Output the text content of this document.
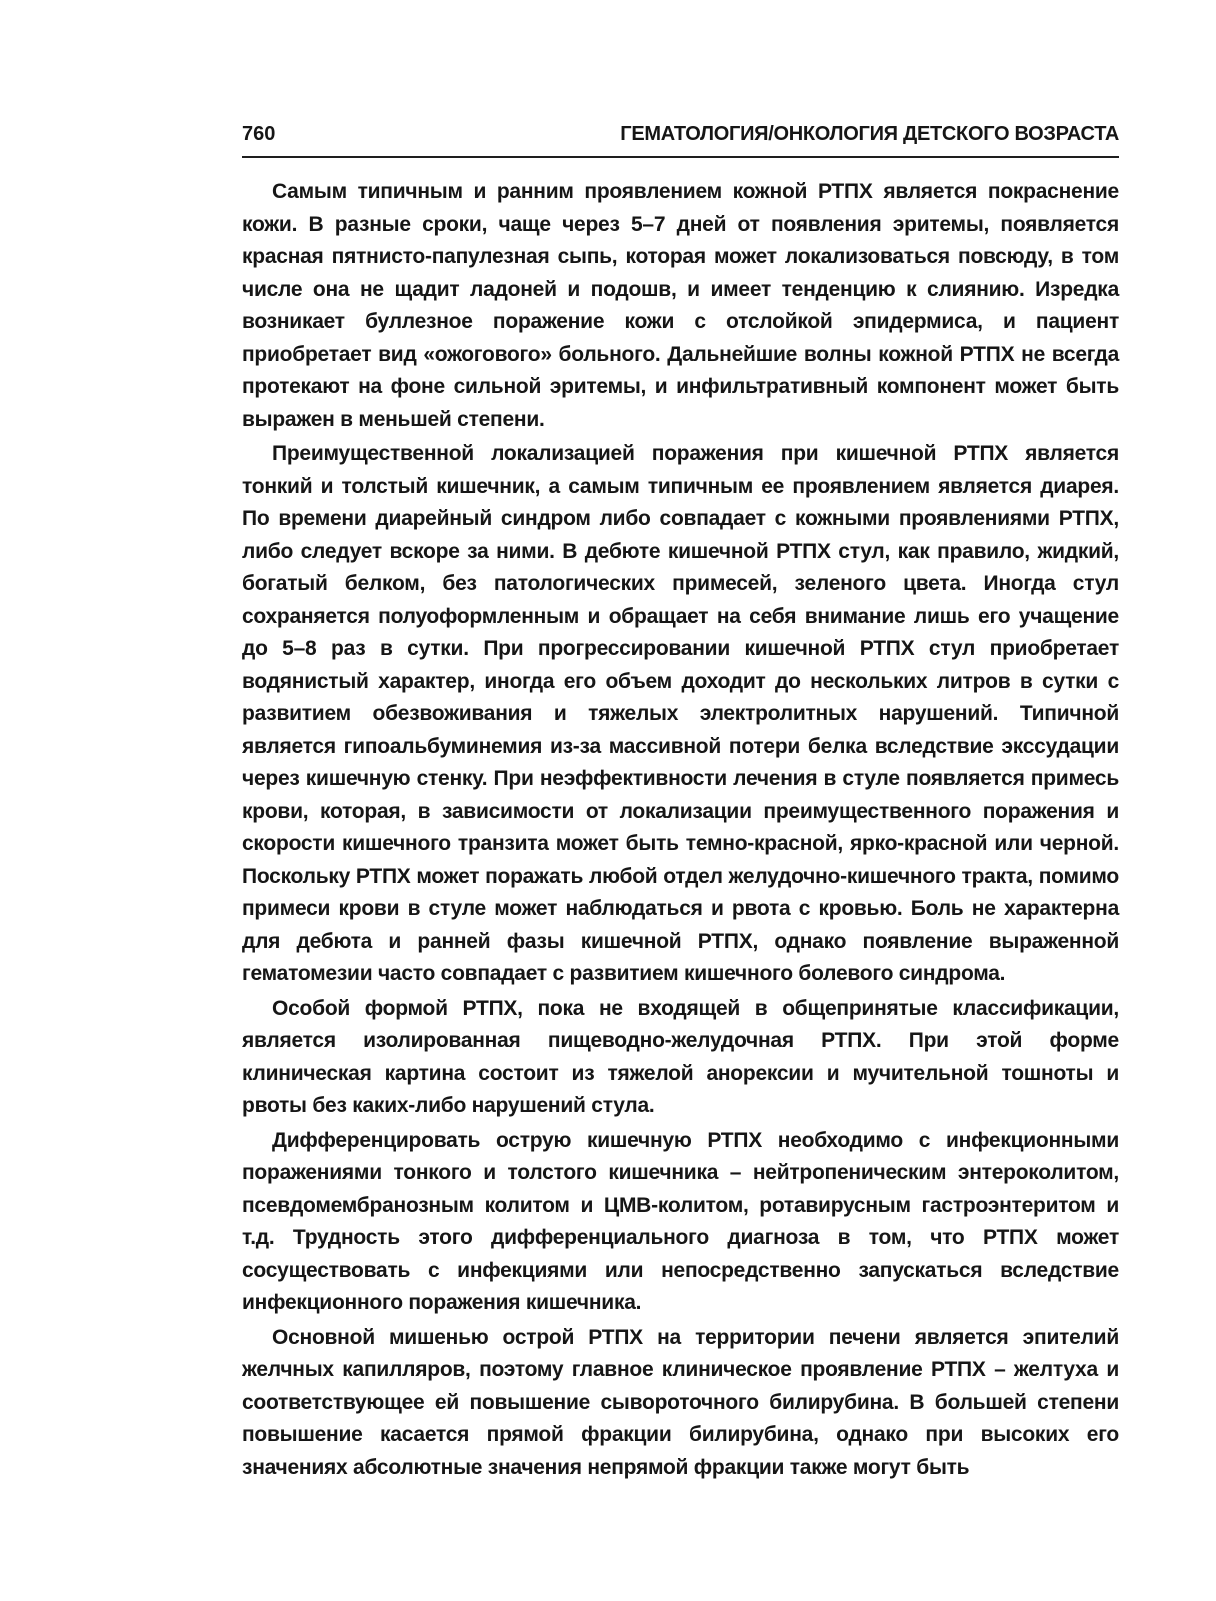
760	ГЕМАТОЛОГИЯ/ОНКОЛОГИЯ ДЕТСКОГО ВОЗРАСТА

Самым типичным и ранним проявлением кожной РТПХ является покраснение кожи. В разные сроки, чаще через 5–7 дней от появления эритемы, появляется красная пятнисто-папулезная сыпь, которая может локализоваться повсюду, в том числе она не щадит ладоней и подошв, и имеет тенденцию к слиянию. Изредка возникает буллезное поражение кожи с отслойкой эпидермиса, и пациент приобретает вид «ожогового» больного. Дальнейшие волны кожной РТПХ не всегда протекают на фоне сильной эритемы, и инфильтративный компонент может быть выражен в меньшей степени.

Преимущественной локализацией поражения при кишечной РТПХ является тонкий и толстый кишечник, а самым типичным ее проявлением является диарея. По времени диарейный синдром либо совпадает с кожными проявлениями РТПХ, либо следует вскоре за ними. В дебюте кишечной РТПХ стул, как правило, жидкий, богатый белком, без патологических примесей, зеленого цвета. Иногда стул сохраняется полуоформленным и обращает на себя внимание лишь его учащение до 5–8 раз в сутки. При прогрессировании кишечной РТПХ стул приобретает водянистый характер, иногда его объем доходит до нескольких литров в сутки с развитием обезвоживания и тяжелых электролитных нарушений. Типичной является гипоальбуминемия из-за массивной потери белка вследствие экссудации через кишечную стенку. При неэффективности лечения в стуле появляется примесь крови, которая, в зависимости от локализации преимущественного поражения и скорости кишечного транзита может быть темно-красной, ярко-красной или черной. Поскольку РТПХ может поражать любой отдел желудочно-кишечного тракта, помимо примеси крови в стуле может наблюдаться и рвота с кровью. Боль не характерна для дебюта и ранней фазы кишечной РТПХ, однако появление выраженной гематомезии часто совпадает с развитием кишечного болевого синдрома.

Особой формой РТПХ, пока не входящей в общепринятые классификации, является изолированная пищеводно-желудочная РТПХ. При этой форме клиническая картина состоит из тяжелой анорексии и мучительной тошноты и рвоты без каких-либо нарушений стула.

Дифференцировать острую кишечную РТПХ необходимо с инфекционными поражениями тонкого и толстого кишечника – нейтропеническим энтероколитом, псевдомембранозным колитом и ЦМВ-колитом, ротавирусным гастроэнтеритом и т.д. Трудность этого дифференциального диагноза в том, что РТПХ может сосуществовать с инфекциями или непосредственно запускаться вследствие инфекционного поражения кишечника.

Основной мишенью острой РТПХ на территории печени является эпителий желчных капилляров, поэтому главное клиническое проявление РТПХ – желтуха и соответствующее ей повышение сывороточного билирубина. В большей степени повышение касается прямой фракции билирубина, однако при высоких его значениях абсолютные значения непрямой фракции также могут быть
